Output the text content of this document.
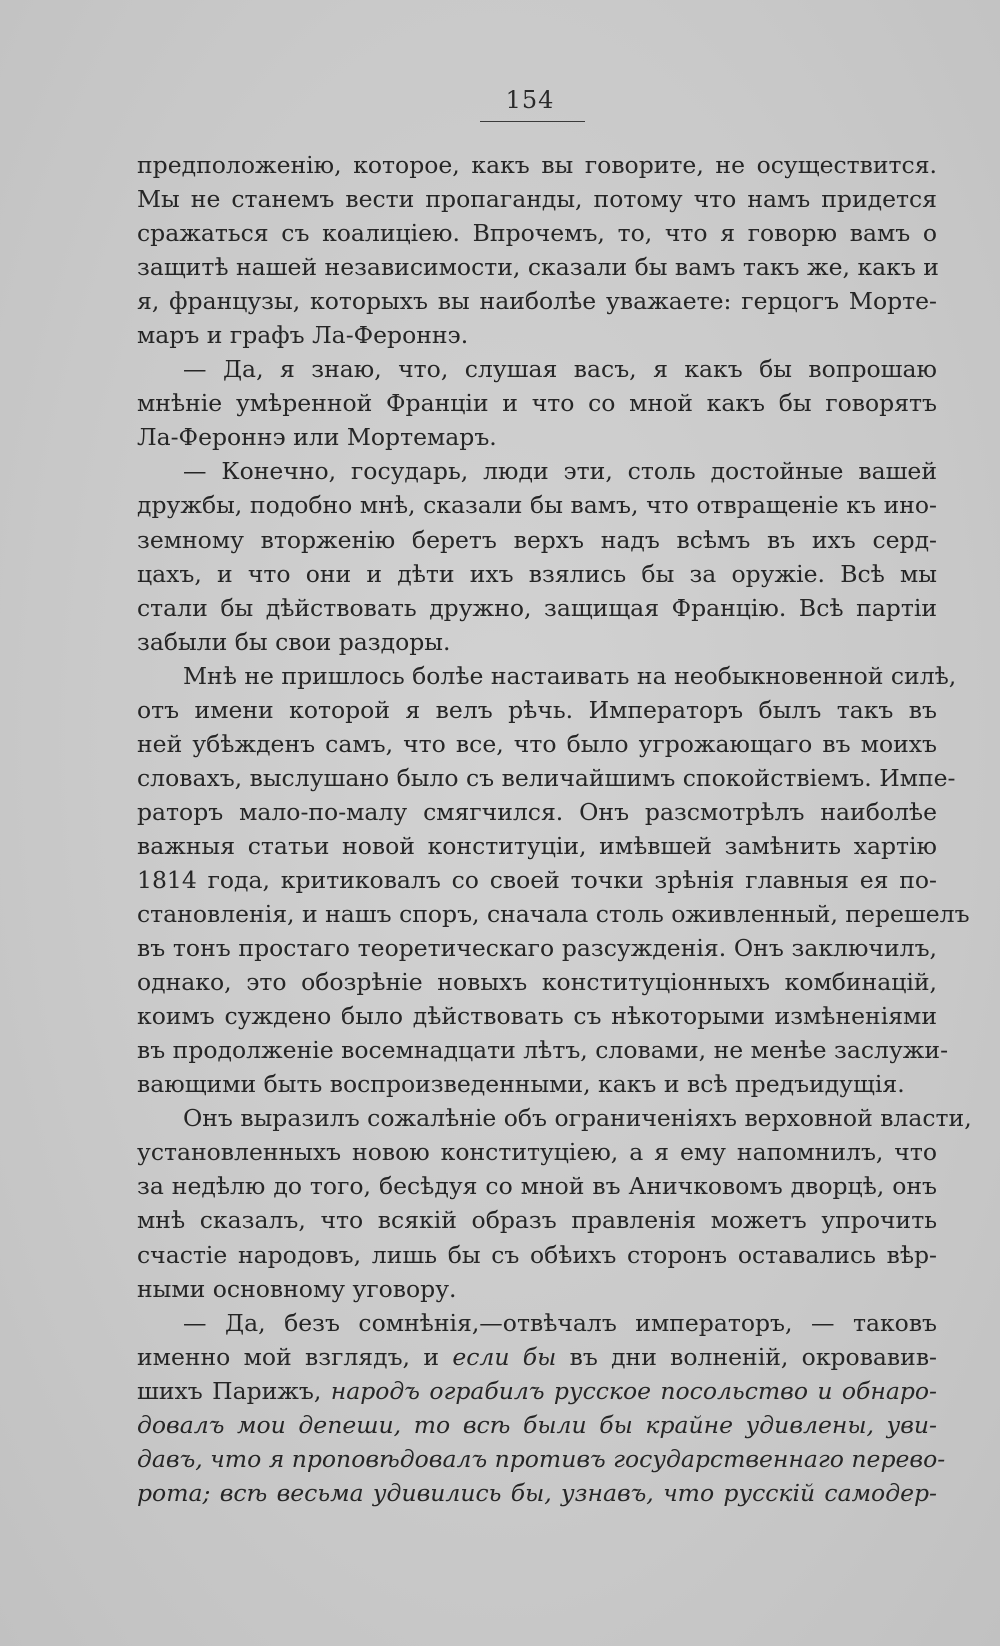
154
предположенію, которое, какъ вы говорите, не осуществится.
Мы не станемъ вести пропаганды, потому что намъ придется
сражаться съ коалиціею. Впрочемъ, то, что я говорю вамъ о
защитѣ нашей независимости, сказали бы вамъ такъ же, какъ и
я, французы, которыхъ вы наиболѣе уважаете: герцогъ Морте-
маръ и графъ Ла-Фероннэ.
— Да, я знаю, что, слушая васъ, я какъ бы вопрошаю
мнѣніе умѣренной Франціи и что со мной какъ бы говорятъ
Ла-Фероннэ или Мортемаръ.
— Конечно, государь, люди эти, столь достойные вашей
дружбы, подобно мнѣ, сказали бы вамъ, что отвращеніе къ ино-
земному вторженію беретъ верхъ надъ всѣмъ въ ихъ серд-
цахъ, и что они и дѣти ихъ взялись бы за оружіе. Всѣ мы
стали бы дѣйствовать дружно, защищая Францію. Всѣ партіи
забыли бы свои раздоры.
Мнѣ не пришлось болѣе настаивать на необыкновенной силѣ,
отъ имени которой я велъ рѣчь. Императоръ былъ такъ въ
ней убѣжденъ самъ, что все, что было угрожающаго въ моихъ
словахъ, выслушано было съ величайшимъ спокойствіемъ. Импе-
раторъ мало-по-малу смягчился. Онъ разсмотрѣлъ наиболѣе
важныя статьи новой конституціи, имѣвшей замѣнить хартію
1814 года, критиковалъ со своей точки зрѣнія главныя ея по-
становленія, и нашъ споръ, сначала столь оживленный, перешелъ
въ тонъ простаго теоретическаго разсужденія. Онъ заключилъ,
однако, это обозрѣніе новыхъ конституціонныхъ комбинацій,
коимъ суждено было дѣйствовать съ нѣкоторыми измѣненіями
въ продолженіе восемнадцати лѣтъ, словами, не менѣе заслужи-
вающими быть воспроизведенными, какъ и всѣ предъидущія.
Онъ выразилъ сожалѣніе объ ограниченіяхъ верховной власти,
установленныхъ новою конституціею, а я ему напомнилъ, что
за недѣлю до того, бесѣдуя со мной въ Аничковомъ дворцѣ, онъ
мнѣ сказалъ, что всякій образъ правленія можетъ упрочить
счастіе народовъ, лишь бы съ обѣихъ сторонъ оставались вѣр-
ными основному уговору.
— Да, безъ сомнѣнія,—отвѣчалъ императоръ, — таковъ
именно мой взглядъ, и если бы въ дни волненій, окровавив-
шихъ Парижъ, народъ ограбилъ русское посольство и обнаро-
довалъ мои депеши, то всѣ были бы крайне удивлены, уви-
давъ, что я проповѣдовалъ противъ государственнаго перево-
рота; всѣ весьма удивились бы, узнавъ, что русскій самодер-
